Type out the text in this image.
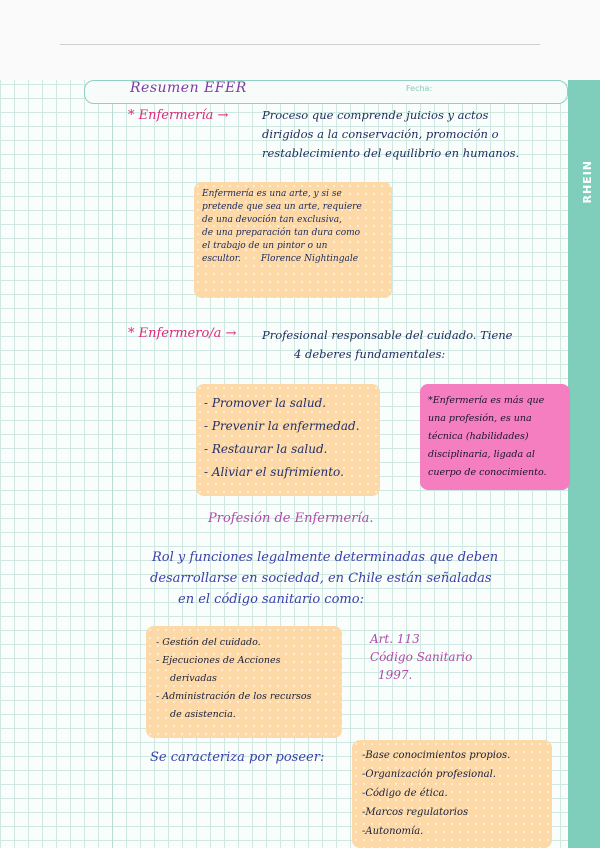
Resumen EFER	Fecha:
RHEIN
* Enfermería →	Proceso que comprende juicios y actos
dirigidos a la conservación, promoción o
restablecimiento del equilibrio en humanos.
Enfermería es una arte, y si se
pretende que sea un arte, requiere
de una devoción tan exclusiva,
de una preparación tan dura como
el trabajo de un pintor o un
escultor. Florence Nightingale
* Enfermero/a → Profesional responsable del cuidado. Tiene
4 deberes fundamentales:
- Promover la salud.
- Prevenir la enfermedad.
- Restaurar la salud.
- Aliviar el sufrimiento.
*Enfermería es más que
una profesión, es una
técnica (habilidades)
disciplinaria, ligada al
cuerpo de conocimiento.
Profesión de Enfermería.
Rol y funciones legalmente determinadas que deben
desarrollarse en sociedad, en Chile están señaladas
en el código sanitario como:
- Gestión del cuidado.
- Ejecuciones de Acciones
derivadas
- Administración de los recursos
de asistencia.
Art. 113
Código Sanitario
1997.
Se caracteriza por poseer:	-Base conocimientos propios.
-Organización profesional.
-Código de ética.
-Marcos regulatorios
-Autonomía.
